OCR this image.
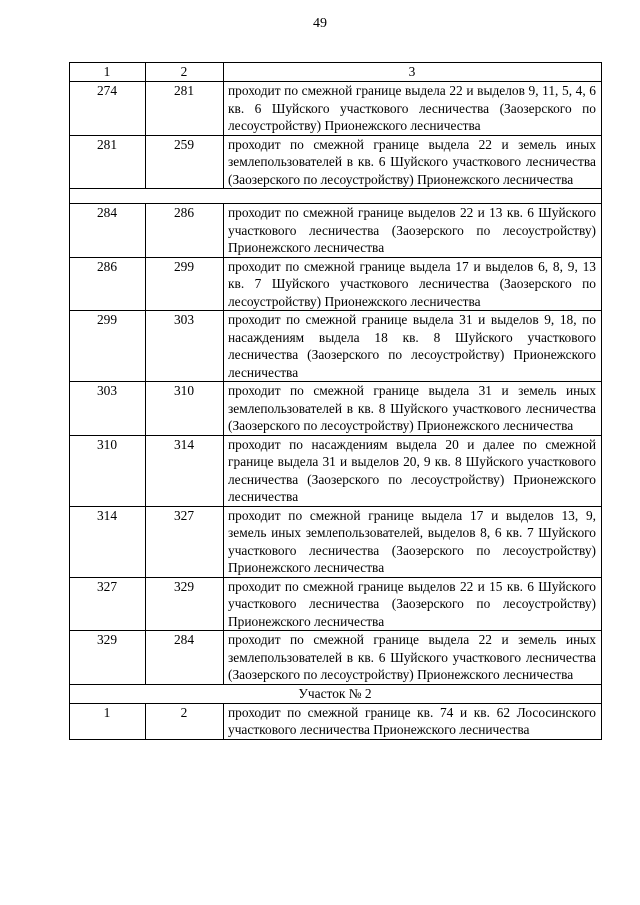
49
1	2	3
274	281	проходит по смежной границе выдела 22 и выделов 9, 11, 5, 4, 6 кв. 6 Шуйского участкового лесничества (Заозерского по лесоустройству) Прионежского лесничества
281	259	проходит по смежной границе выдела 22 и земель иных землепользователей в кв. 6 Шуйского участкового лесничества (Заозерского по лесоустройству) Прионежского лесничества

284	286	проходит по смежной границе выделов 22 и 13 кв. 6 Шуйского участкового лесничества (Заозерского по лесоустройству) Прионежского лесничества
286	299	проходит по смежной границе выдела 17 и выделов 6, 8, 9, 13 кв. 7 Шуйского участкового лесничества (Заозерского по лесоустройству) Прионежского лесничества
299	303	проходит по смежной границе выдела 31 и выделов 9, 18, по насаждениям выдела 18 кв. 8 Шуйского участкового лесничества (Заозерского по лесоустройству) Прионежского лесничества
303	310	проходит по смежной границе выдела 31 и земель иных землепользователей в кв. 8 Шуйского участкового лесничества (Заозерского по лесоустройству) Прионежского лесничества
310	314	проходит по насаждениям выдела 20 и далее по смежной границе выдела 31 и выделов 20, 9 кв. 8 Шуйского участкового лесничества (Заозерского по лесоустройству) Прионежского лесничества
314	327	проходит по смежной границе выдела 17 и выделов 13, 9, земель иных землепользователей, выделов 8, 6 кв. 7 Шуйского участкового лесничества (Заозерского по лесоустройству) Прионежского лесничества
327	329	проходит по смежной границе выделов 22 и 15 кв. 6 Шуйского участкового лесничества (Заозерского по лесоустройству) Прионежского лесничества
329	284	проходит по смежной границе выдела 22 и земель иных землепользователей в кв. 6 Шуйского участкового лесничества (Заозерского по лесоустройству) Прионежского лесничества
Участок № 2		
1	2	проходит по смежной границе кв. 74 и кв. 62 Лососинского участкового лесничества Прионежского лесничества
